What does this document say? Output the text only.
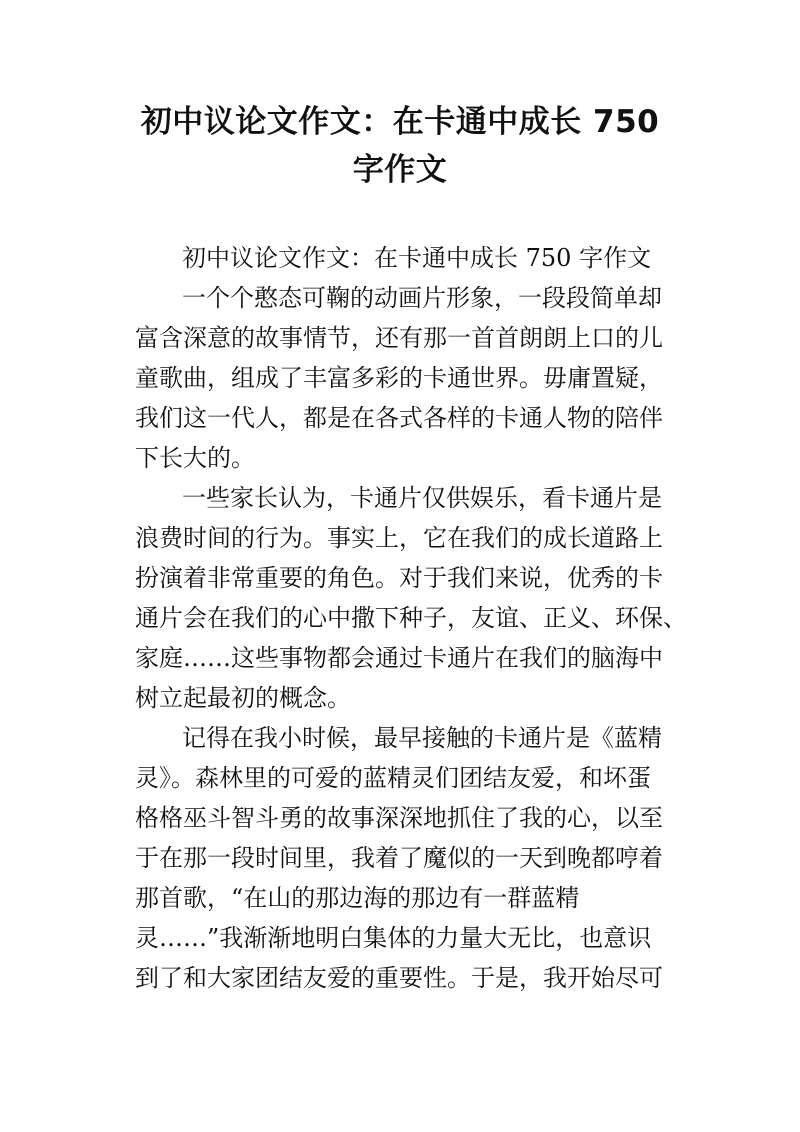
初中议论文作文：在卡通中成长 750
字作文
初中议论文作文：在卡通中成长 750 字作文
一个个憨态可鞠的动画片形象，一段段简单却
富含深意的故事情节，还有那一首首朗朗上口的儿
童歌曲，组成了丰富多彩的卡通世界。毋庸置疑，
我们这一代人，都是在各式各样的卡通人物的陪伴
下长大的。
一些家长认为，卡通片仅供娱乐，看卡通片是
浪费时间的行为。事实上，它在我们的成长道路上
扮演着非常重要的角色。对于我们来说，优秀的卡
通片会在我们的心中撒下种子，友谊、正义、环保、
家庭……这些事物都会通过卡通片在我们的脑海中
树立起最初的概念。
记得在我小时候，最早接触的卡通片是《蓝精
灵》。森林里的可爱的蓝精灵们团结友爱，和坏蛋
格格巫斗智斗勇的故事深深地抓住了我的心，以至
于在那一段时间里，我着了魔似的一天到晚都哼着
那首歌，“在山的那边海的那边有一群蓝精
灵……”我渐渐地明白集体的力量大无比，也意识
到了和大家团结友爱的重要性。于是，我开始尽可
